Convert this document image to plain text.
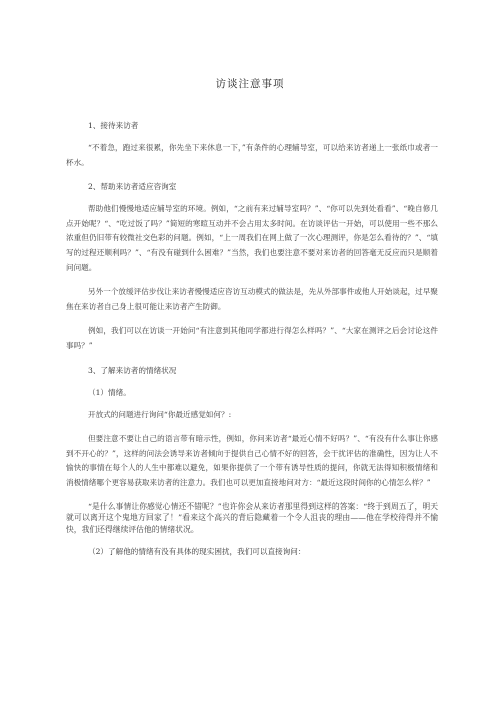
访谈注意事项
1、接待来访者
“不着急，跑过来很累，你先坐下来休息一下，”有条件的心理辅导室，可以给来访者递上一张纸巾或者一杯水。
2、帮助来访者适应咨询室
帮助他们慢慢地适应辅导室的环境。例如，“之前有来过辅导室吗？”、“你可以先到处看看”、“晚自修几点开始呢？“、“吃过饭了吗？”简短的寒暄互动并不会占用太多时间。在访谈评估一开始，可以使用一些不那么浓重但仍旧带有较微社交色彩的问题。例如，“上一周我们在网上做了一次心理测评，你是怎么看待的？”、“填写的过程还顺利吗？”、“有没有碰到什么困难？”当然，我们也要注意不要对来访者的回答毫无反应而只是顺着问问题。
另外一个放缓评估步伐让来访者慢慢适应咨访互动模式的做法是，先从外部事件或他人开始谈起，过早聚焦在来访者自己身上很可能让来访者产生防御。
例如，我们可以在访谈一开始问“有注意到其他同学都进行得怎么样吗？”、“大家在测评之后会讨论这件事吗？”
3、了解来访者的情绪状况
（1）情绪。
开放式的问题进行询问“你最近感觉如何？:
但要注意不要让自己的语言带有暗示性，例如，你问来访者“最近心情不好吗？”、“有没有什么事让你感到不开心的？”，这样的问法会诱导来访者倾向于提供自己心情不好的回答，会干扰评估的准确性，因为让人不愉快的事情在每个人的人生中都难以避免，如果你提供了一个带有诱导性质的提问，你就无法得知积极情绪和消极情绪哪个更容易获取来访者的注意力。我们也可以更加直接地问对方：“最近这段时间你的心情怎么样？”
“是什么事情让你感觉心情还不错呢？”也许你会从来访者那里得到这样的答案：“终于到周五了，明天就可以离开这个鬼地方回家了！”看来这个高兴的背后隐藏着一个令人沮丧的理由——他在学校待得并不愉快，我们还得继续评估他的情绪状况。
（2）了解他的情绪有没有具体的现实困扰，我们可以直接询问：
